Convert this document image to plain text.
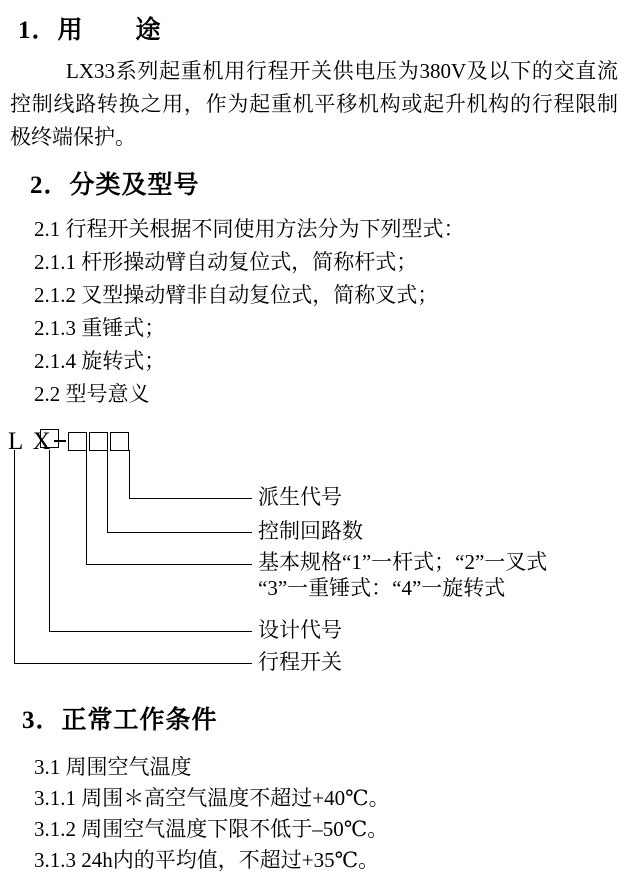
1．用　　途
LX33系列起重机用行程开关供电压为380V及以下的交直流控制线路转换之用，作为起重机平移机构或起升机构的行程限制极终端保护。
2．分类及型号
2.1 行程开关根据不同使用方法分为下列型式：
2.1.1 杆形操动臂自动复位式，简称杆式；
2.1.2 叉型操动臂非自动复位式，简称叉式；
2.1.3 重锤式；
2.1.4 旋转式；
2.2 型号意义
L X
派生代号
控制回路数
基本规格“1”一杆式；“2”一叉式
“3”一重锤式：“4”一旋转式
设计代号
行程开关
3．正常工作条件
3.1 周围空气温度
3.1.1 周围＊高空气温度不超过+40℃。
3.1.2 周围空气温度下限不低于–50℃。
3.1.3 24h内的平均值，不超过+35℃。
